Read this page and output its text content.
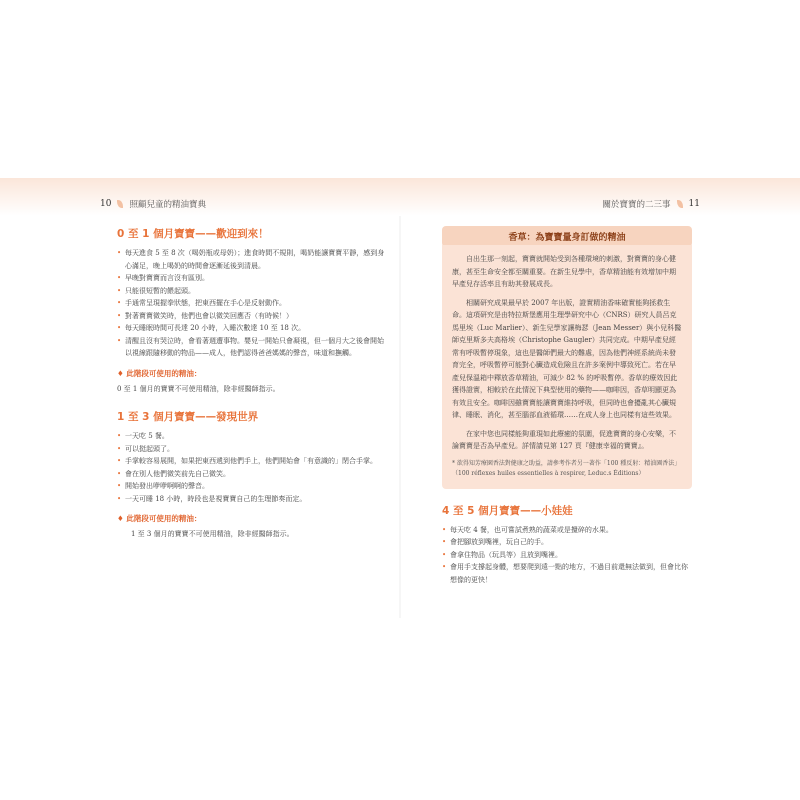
10 照顧兒童的精油寶典
0 至 1 個月寶寶——歡迎到來！
• 每天進食 5 至 8 次（喝奶瓶或母奶）；進食時間不規則，喝奶能讓寶寶平靜，感到身心滿足，晚上喝奶的時間會逐漸延後到清晨。
• 早晚對寶寶而言沒有區別。
• 只能很短暫的餵起頭。
• 手通常呈現握拳狀態，把東西擺在手心是反射動作。
• 對著寶寶微笑時，他們也會以微笑回應否（有時候！）
• 每天睡眠時間可長達 20 小時，入睡次數達 10 至 18 次。
• 清醒且沒有哭泣時，會看著週遭事物。嬰兒一開始只會凝視，但一個月大之後會開始以視線跟隨移動的物品——成人，他們認得爸爸媽媽的聲音，味道和撫觸。
♦ 此階段可使用的精油：

0 至 1 個月的寶寶不可使用精油，除非經醫師指示。

1 至 3 個月寶寶——發現世界
• 一天吃 5 餐。
• 可以挺起頭了。
• 手掌較容易展開，如果把東西遞到他們手上，他們開始會「有意識的」閉合手掌。
• 會在別人他們微笑前先自己微笑。
• 開始發出咿咿啊啊的聲音。
• 一天可睡 18 小時，時段也是視寶寶自己的生理節奏而定。
♦ 此階段可使用的精油：

1 至 3 個月的寶寶不可使用精油，除非經醫師指示。

關於寶寶的二三事 11
香草：為寶寶量身訂做的精油

自出生那一刻起，寶寶就開始受到各種環境的刺激，對寶寶的身心健康，甚至生命安全都至關重要。在新生兒學中，香草精油能有效增加中期早產兒存活率且有助其發展成長。

相關研究成果最早於 2007 年出版，證實精油香味確實能夠拯救生命。這項研究是由特拉斯堡應用生理學研究中心（CNRS）研究人員呂克馬里埃（Luc Marlier）、新生兒學家讓梅瑟（Jean Messer）與小兒科醫師克里斯多夫高格埃（Christophe Gaugler）共同完成。中期早產兒經常有呼吸暫停現象，這也是醫師們最大的難處，因為他們神經系統尚未發育完全，呼吸暫停可能對心臟造成危險且在許多案例中導致死亡。若在早產兒保溫箱中釋放香草精油，可減少 82 % 的呼吸暫停。香草的療效因此獲得證實，相較於在此情況下典型使用的藥物——咖啡因，香草明顯更為有效且安全。咖啡因雖寶寶能讓寶寶維持呼吸，但同時也會擾亂其心臟規律、睡眠、消化，甚至腦部血液循環……在成人身上也同樣有這些效果。

在家中您也同樣能夠重現如此療癒的氛圍，促進寶寶的身心安樂，不論寶寶是否為早產兒。詳情請見第 127 頁『健康幸福的寶寶』。

* 欲得知芳療園香法對健康之助益，請參考作者另一著作「100 種反射：精油園香法」（100 réflexes huiles essentielles à respirer, Leduc.s Éditions）
4 至 5 個月寶寶——小娃娃
• 每天吃 4 餐，也可嘗試煮熟的蔬菜或是攪碎的水果。
• 會把腳放到嘴裡，玩自己的手。
• 會拿住物品（玩具等）且放到嘴裡。
• 會用手支撐起身體，想要爬到遠一點的地方，不過目前還無法做到，但會比你想像的更快！
